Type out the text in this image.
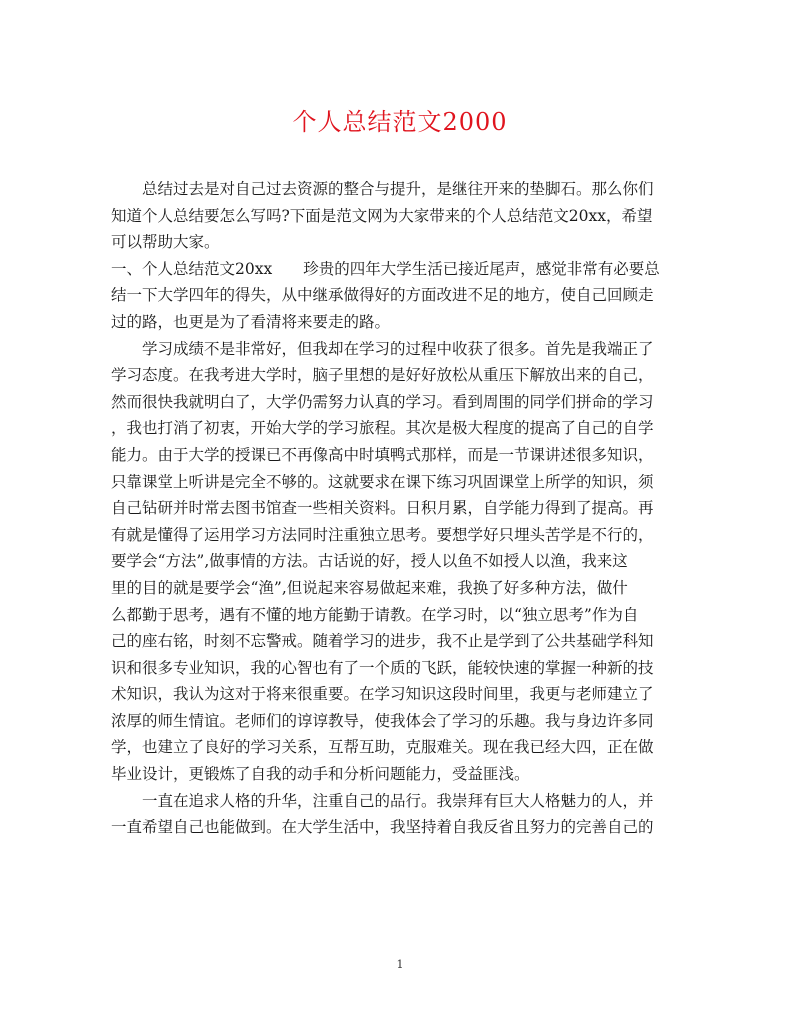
个人总结范文2000
　　总结过去是对自己过去资源的整合与提升，是继往开来的垫脚石。那么你们
知道个人总结要怎么写吗?下面是范文网为大家带来的个人总结范文20xx，希望
可以帮助大家。
一、个人总结范文20xx　　珍贵的四年大学生活已接近尾声，感觉非常有必要总
结一下大学四年的得失，从中继承做得好的方面改进不足的地方，使自己回顾走
过的路，也更是为了看清将来要走的路。
　　学习成绩不是非常好，但我却在学习的过程中收获了很多。首先是我端正了
学习态度。在我考进大学时，脑子里想的是好好放松从重压下解放出来的自己，
然而很快我就明白了，大学仍需努力认真的学习。看到周围的同学们拼命的学习
，我也打消了初衷，开始大学的学习旅程。其次是极大程度的提高了自己的自学
能力。由于大学的授课已不再像高中时填鸭式那样，而是一节课讲述很多知识，
只靠课堂上听讲是完全不够的。这就要求在课下练习巩固课堂上所学的知识，须
自己钻研并时常去图书馆查一些相关资料。日积月累，自学能力得到了提高。再
有就是懂得了运用学习方法同时注重独立思考。要想学好只埋头苦学是不行的，
要学会“方法”,做事情的方法。古话说的好，授人以鱼不如授人以渔，我来这
里的目的就是要学会“渔”,但说起来容易做起来难，我换了好多种方法，做什
么都勤于思考，遇有不懂的地方能勤于请教。在学习时，以“独立思考”作为自
己的座右铭，时刻不忘警戒。随着学习的进步，我不止是学到了公共基础学科知
识和很多专业知识，我的心智也有了一个质的飞跃，能较快速的掌握一种新的技
术知识，我认为这对于将来很重要。在学习知识这段时间里，我更与老师建立了
浓厚的师生情谊。老师们的谆谆教导，使我体会了学习的乐趣。我与身边许多同
学，也建立了良好的学习关系，互帮互助，克服难关。现在我已经大四，正在做
毕业设计，更锻炼了自我的动手和分析问题能力，受益匪浅。
　　一直在追求人格的升华，注重自己的品行。我崇拜有巨大人格魅力的人，并
一直希望自己也能做到。在大学生活中，我坚持着自我反省且努力的完善自己的
1
